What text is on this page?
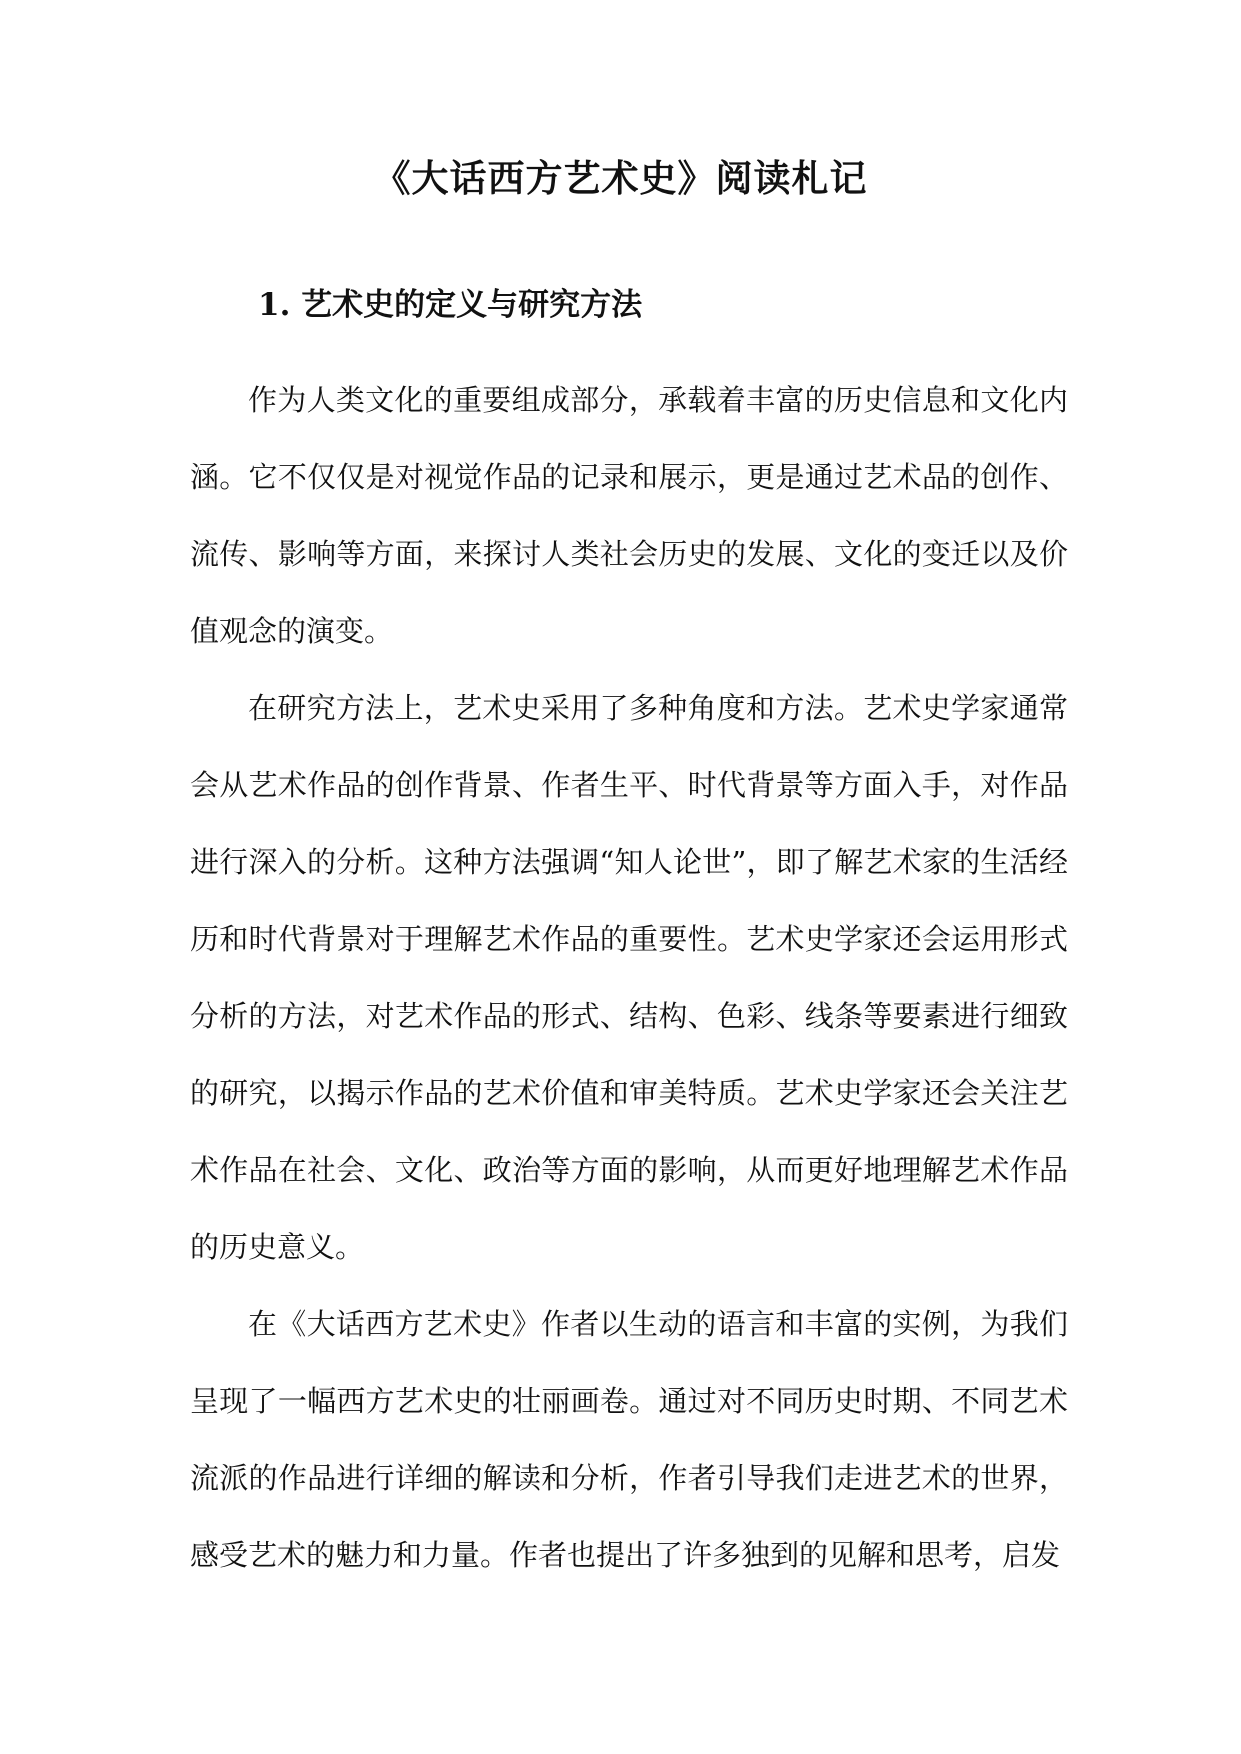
《大话西方艺术史》阅读札记
1. 艺术史的定义与研究方法

作为人类文化的重要组成部分，承载着丰富的历史信息和文化内涵。它不仅仅是对视觉作品的记录和展示，更是通过艺术品的创作、流传、影响等方面，来探讨人类社会历史的发展、文化的变迁以及价值观念的演变。

在研究方法上，艺术史采用了多种角度和方法。艺术史学家通常会从艺术作品的创作背景、作者生平、时代背景等方面入手，对作品进行深入的分析。这种方法强调“知人论世”，即了解艺术家的生活经历和时代背景对于理解艺术作品的重要性。艺术史学家还会运用形式分析的方法，对艺术作品的形式、结构、色彩、线条等要素进行细致的研究，以揭示作品的艺术价值和审美特质。艺术史学家还会关注艺术作品在社会、文化、政治等方面的影响，从而更好地理解艺术作品的历史意义。

在《大话西方艺术史》作者以生动的语言和丰富的实例，为我们呈现了一幅西方艺术史的壮丽画卷。通过对不同历史时期、不同艺术流派的作品进行详细的解读和分析，作者引导我们走进艺术的世界，感受艺术的魅力和力量。作者也提出了许多独到的见解和思考，启发
